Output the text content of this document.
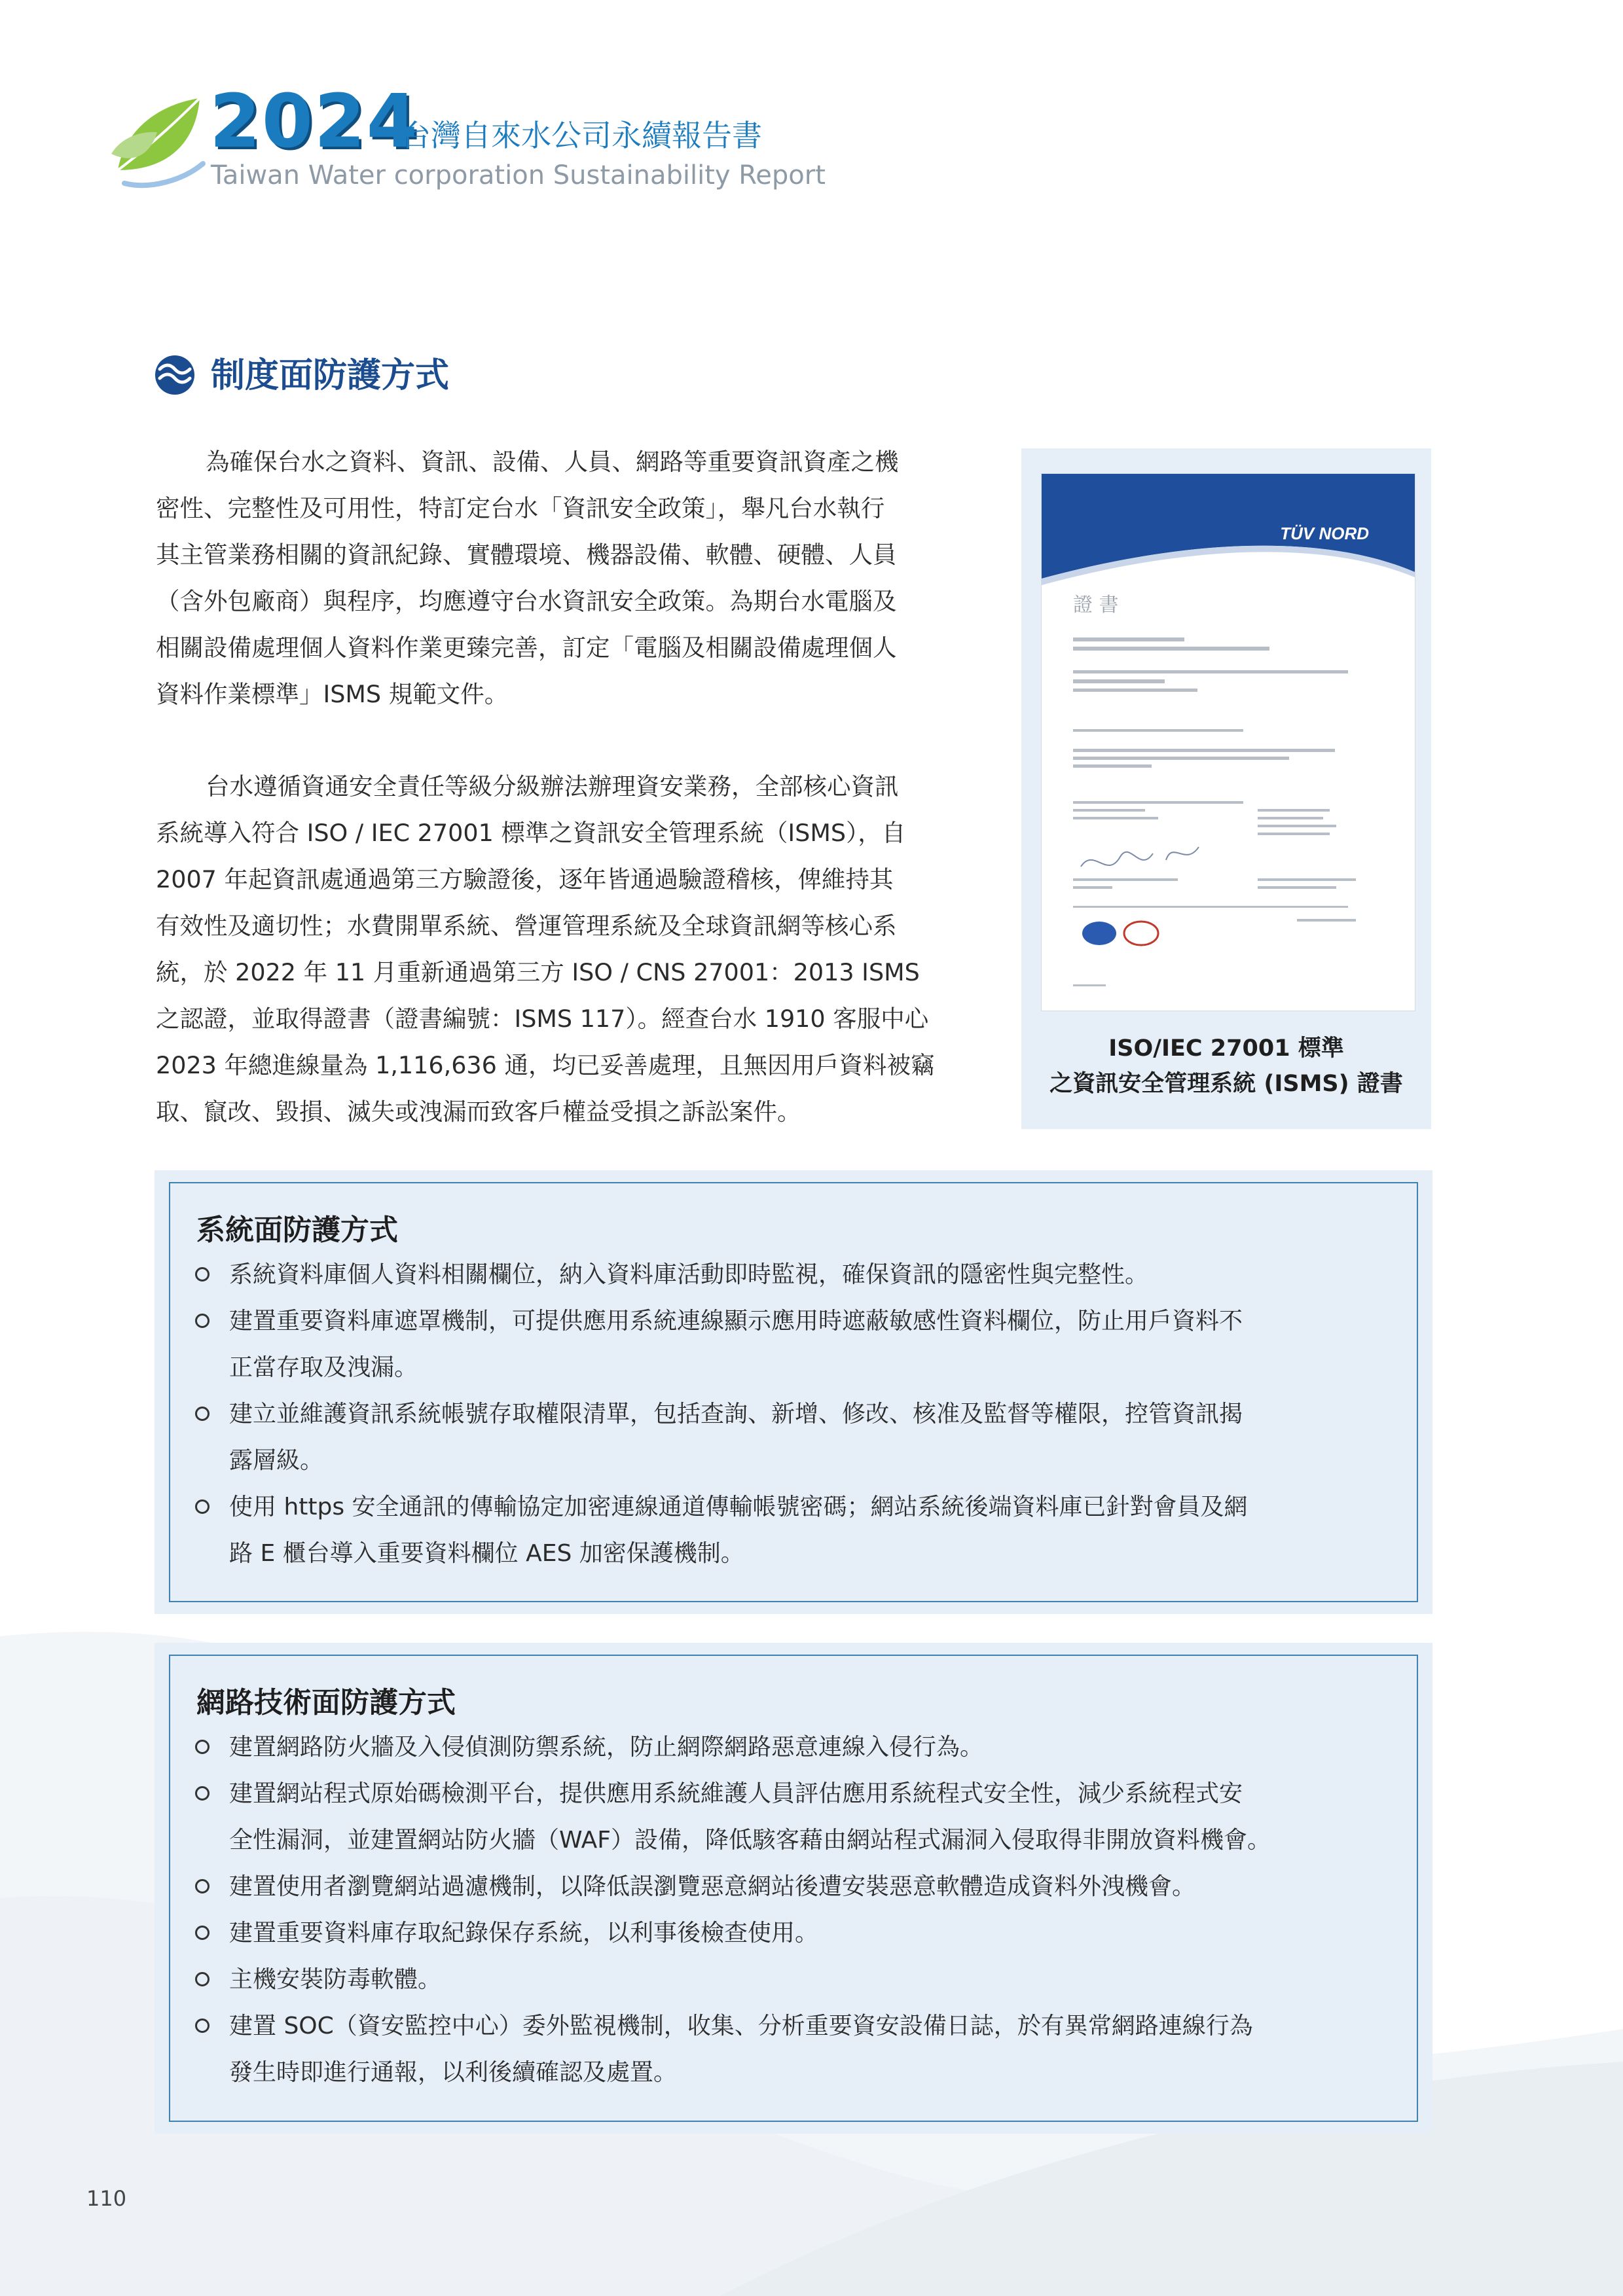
2024
台灣自來水公司永續報告書
Taiwan Water corporation Sustainability Report
制度面防護方式

為確保台水之資料、資訊、設備、人員、網路等重要資訊資產之機
密性、完整性及可用性，特訂定台水「資訊安全政策」，舉凡台水執行
其主管業務相關的資訊紀錄、實體環境、機器設備、軟體、硬體、人員
（含外包廠商）與程序，均應遵守台水資訊安全政策。為期台水電腦及
相關設備處理個人資料作業更臻完善，訂定「電腦及相關設備處理個人
資料作業標準」ISMS 規範文件。

台水遵循資通安全責任等級分級辦法辦理資安業務，全部核心資訊
系統導入符合 ISO / IEC 27001 標準之資訊安全管理系統（ISMS），自
2007 年起資訊處通過第三方驗證後，逐年皆通過驗證稽核，俾維持其
有效性及適切性；水費開單系統、營運管理系統及全球資訊網等核心系
統，於 2022 年 11 月重新通過第三方 ISO / CNS 27001：2013 ISMS
之認證，並取得證書（證書編號：ISMS 117）。經查台水 1910 客服中心
2023 年總進線量為 1,116,636 通，均已妥善處理，且無因用戶資料被竊
取、竄改、毀損、滅失或洩漏而致客戶權益受損之訴訟案件。

TÜV NORD
證 書
ISO/IEC 27001 標準
之資訊安全管理系統 (ISMS) 證書
系統面防護方式
系統資料庫個人資料相關欄位，納入資料庫活動即時監視，確保資訊的隱密性與完整性。
建置重要資料庫遮罩機制，可提供應用系統連線顯示應用時遮蔽敏感性資料欄位，防止用戶資料不
正當存取及洩漏。
建立並維護資訊系統帳號存取權限清單，包括查詢、新增、修改、核准及監督等權限，控管資訊揭
露層級。
使用 https 安全通訊的傳輸協定加密連線通道傳輸帳號密碼；網站系統後端資料庫已針對會員及網
路 E 櫃台導入重要資料欄位 AES 加密保護機制。
網路技術面防護方式
建置網路防火牆及入侵偵測防禦系統，防止網際網路惡意連線入侵行為。
建置網站程式原始碼檢測平台，提供應用系統維護人員評估應用系統程式安全性，減少系統程式安
全性漏洞，並建置網站防火牆（WAF）設備，降低駭客藉由網站程式漏洞入侵取得非開放資料機會。
建置使用者瀏覽網站過濾機制，以降低誤瀏覽惡意網站後遭安裝惡意軟體造成資料外洩機會。
建置重要資料庫存取紀錄保存系統，以利事後檢查使用。
主機安裝防毒軟體。
建置 SOC（資安監控中心）委外監視機制，收集、分析重要資安設備日誌，於有異常網路連線行為
發生時即進行通報，以利後續確認及處置。
110
